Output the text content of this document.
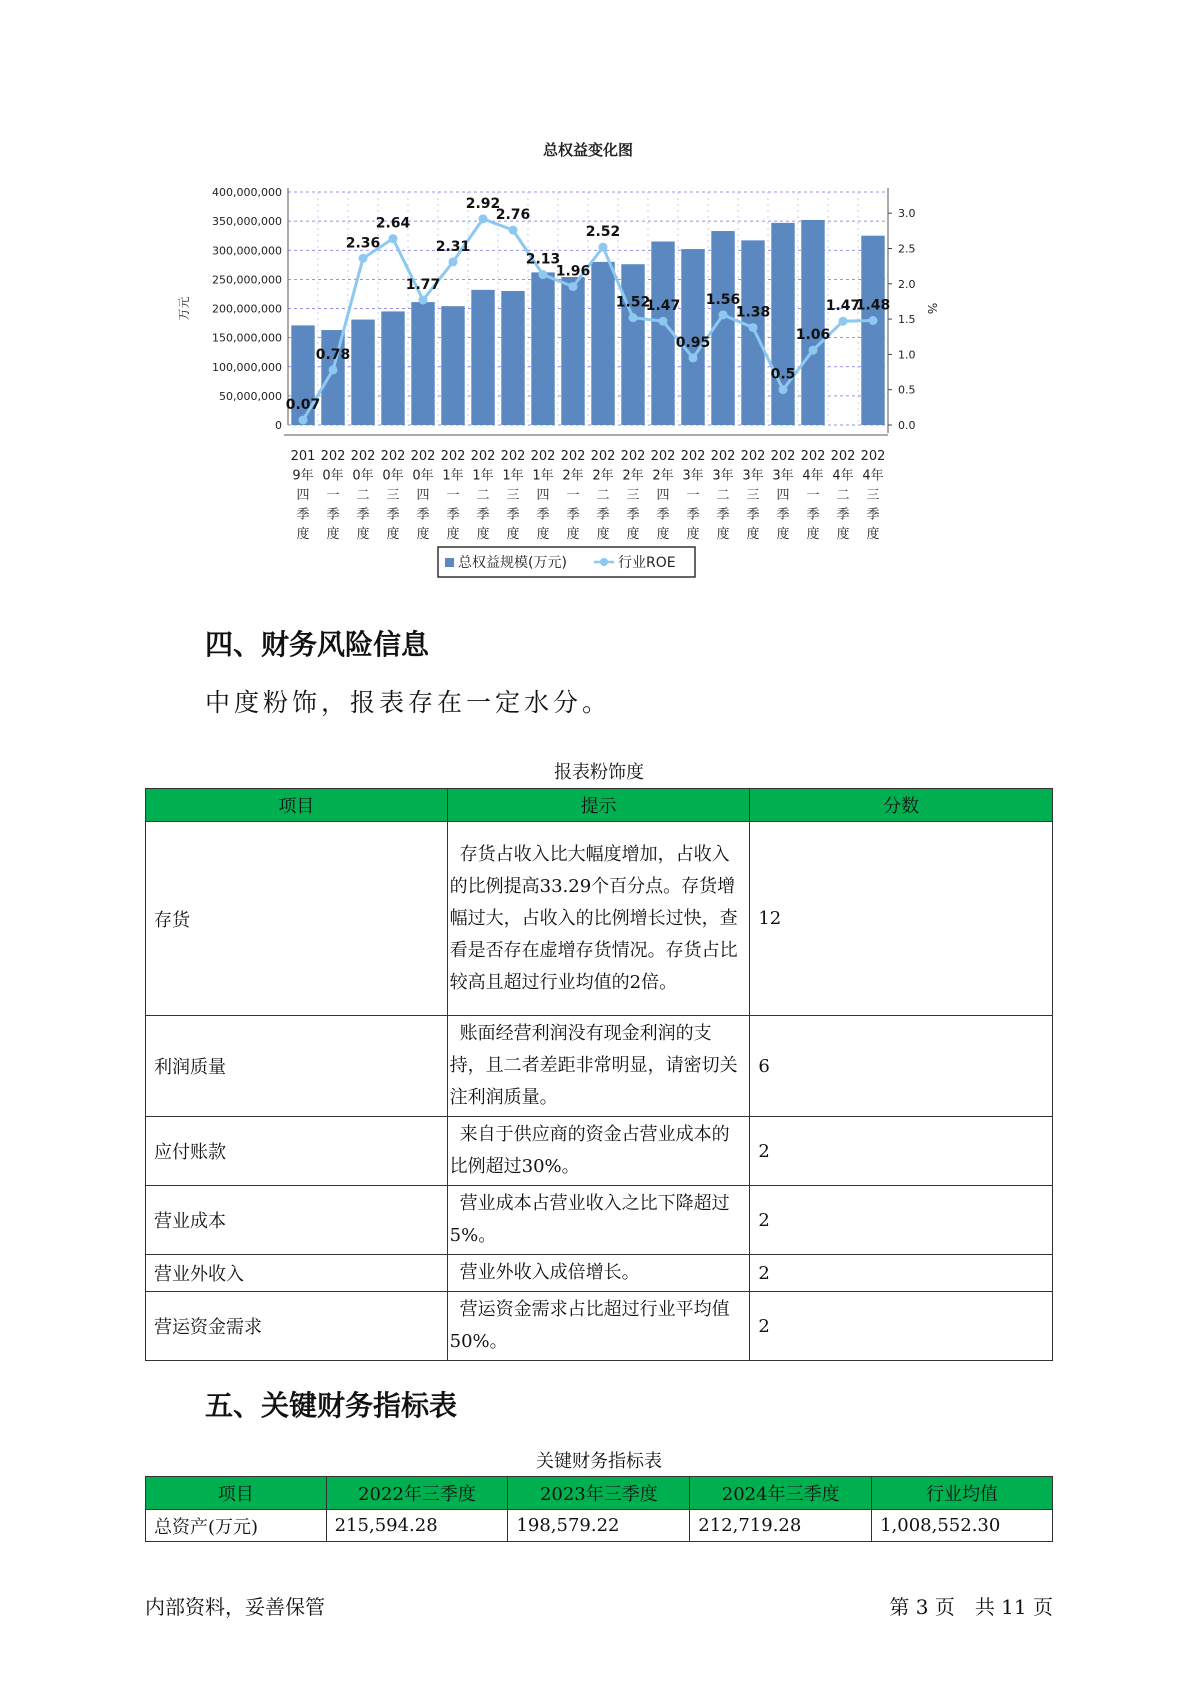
总权益变化图
0
50,000,000
100,000,000
150,000,000
200,000,000
250,000,000
300,000,000
350,000,000
400,000,000
0.0
0.5
1.0
1.5
2.0
2.5
3.0
万元	%
0.07
0.78
2.36
2.64
1.77
2.31
2.92
2.76
2.13
1.96
2.52
1.52
1.47
0.95
1.56
1.38
0.5
1.06
1.47
1.48
201 9年四季度
202 0年一季度
202 0年二季度
202 0年三季度
202 0年四季度
202 1年一季度
202 1年二季度
202 1年三季度
202 1年四季度
202 2年一季度
202 2年二季度
202 2年三季度
202 2年四季度
202 3年一季度
202 3年二季度
202 3年三季度
202 3年四季度
202 4年一季度
202 4年二季度
202 4年三季度
总权益规模(万元)	行业ROE
四、财务风险信息

中度粉饰，报表存在一定水分。

报表粉饰度
项目	提示	分数
存货	存货占收入比大幅度增加，占收入的比例提高33.29个百分点。存货增幅过大，占收入的比例增长过快，查看是否存在虚增存货情况。存货占比较高且超过行业均值的2倍。	12
利润质量	账面经营利润没有现金利润的支持，且二者差距非常明显，请密切关注利润质量。	6
应付账款	来自于供应商的资金占营业成本的比例超过30%。	2
营业成本	营业成本占营业收入之比下降超过5%。	2
营业外收入	营业外收入成倍增长。	2
营运资金需求	营运资金需求占比超过行业平均值50%。	2
五、关键财务指标表
关键财务指标表
项目	2022年三季度	2023年三季度	2024年三季度	行业均值
总资产(万元)	215,594.28	198,579.22	212,719.28	1,008,552.30
内部资料，妥善保管	第 3 页　共 11 页
